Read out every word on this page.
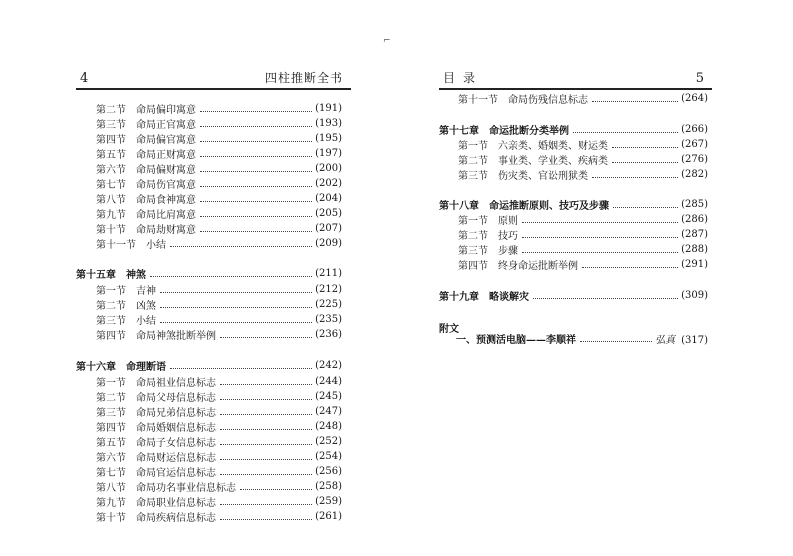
⌐
4	四柱推断全书
第二节 命局偏印寓意	(191)
第三节 命局正官寓意	(193)
第四节 命局偏官寓意	(195)
第五节 命局正财寓意	(197)
第六节 命局偏财寓意	(200)
第七节 命局伤官寓意	(202)
第八节 命局食神寓意	(204)
第九节 命局比肩寓意	(205)
第十节 命局劫财寓意	(207)
第十一节 小结	(209)
第十五章 神煞	(211)
第一节 吉神	(212)
第二节 凶煞	(225)
第三节 小结	(235)
第四节 命局神煞批断举例	(236)
第十六章 命理断语	(242)
第一节 命局祖业信息标志	(244)
第二节 命局父母信息标志	(245)
第三节 命局兄弟信息标志	(247)
第四节 命局婚姻信息标志	(248)
第五节 命局子女信息标志	(252)
第六节 命局财运信息标志	(254)
第七节 命局官运信息标志	(256)
第八节 命局功名事业信息标志	(258)
第九节 命局职业信息标志	(259)
第十节 命局疾病信息标志	(261)
目录	5
第十一节 命局伤残信息标志	(264)
第十七章 命运批断分类举例	(266)
第一节 六亲类、婚姻类、财运类	(267)
第二节 事业类、学业类、疾病类	(276)
第三节 伤灾类、官讼刑狱类	(282)
第十八章 命运推断原则、技巧及步骤	(285)
第一节 原则	(286)
第二节 技巧	(287)
第三节 步骤	(288)
第四节 终身命运批断举例	(291)
第十九章 略谈解灾	(309)
附文
一、预测活电脑——李顺祥	弘真 (317)
